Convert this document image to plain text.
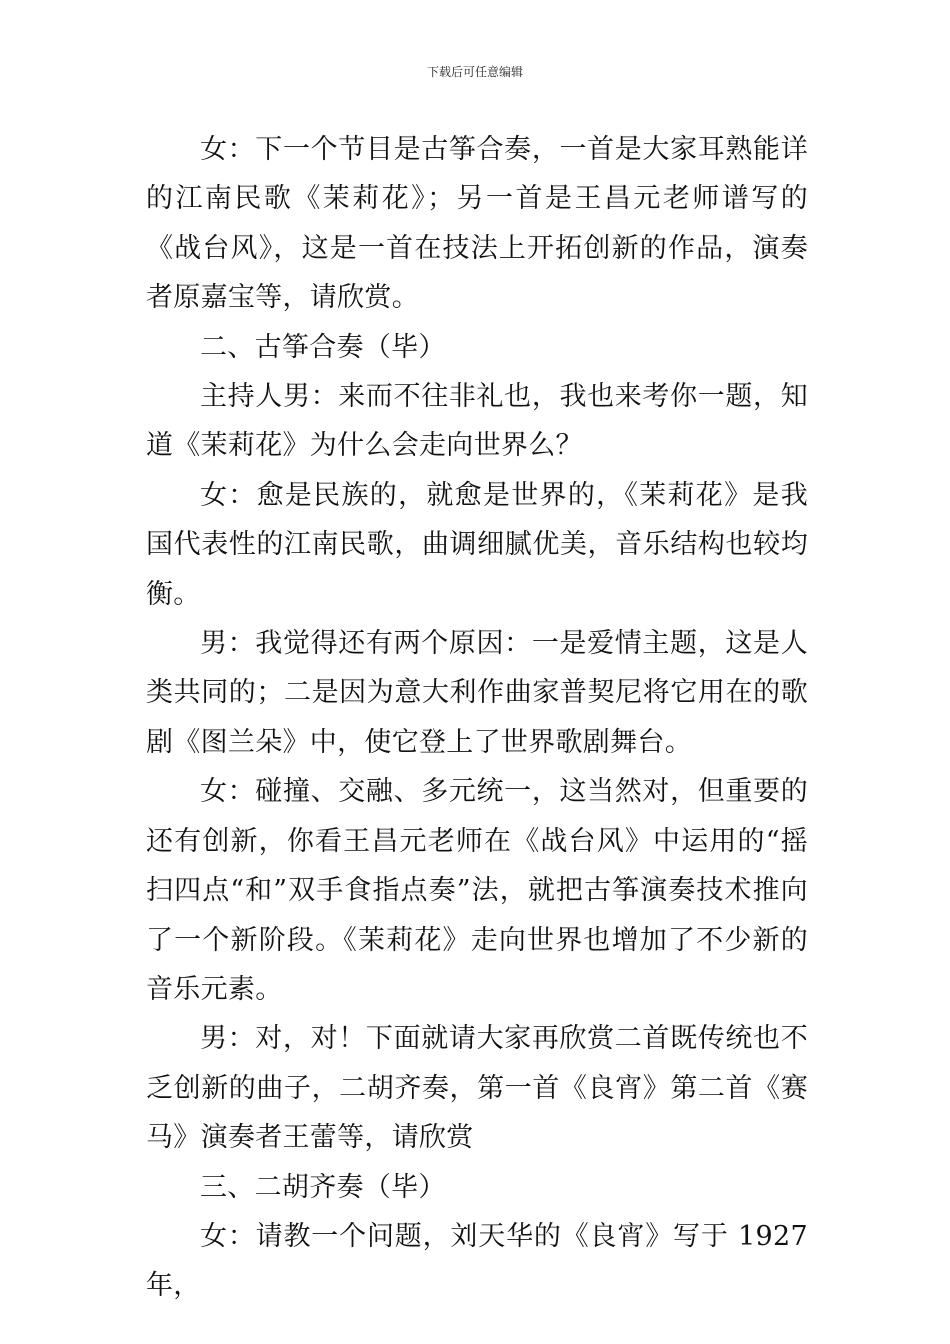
下载后可任意编辑

女：下一个节目是古筝合奏，一首是大家耳熟能详的江南民歌《茉莉花》；另一首是王昌元老师谱写的《战台风》，这是一首在技法上开拓创新的作品，演奏者原嘉宝等，请欣赏。

二、古筝合奏（毕）

主持人男：来而不往非礼也，我也来考你一题，知道《茉莉花》为什么会走向世界么？

女：愈是民族的，就愈是世界的，《茉莉花》是我国代表性的江南民歌，曲调细腻优美，音乐结构也较均衡。

男：我觉得还有两个原因：一是爱情主题，这是人类共同的；二是因为意大利作曲家普契尼将它用在的歌剧《图兰朵》中，使它登上了世界歌剧舞台。

女：碰撞、交融、多元统一，这当然对，但重要的还有创新，你看王昌元老师在《战台风》中运用的“摇扫四点“和”双手食指点奏”法，就把古筝演奏技术推向了一个新阶段。《茉莉花》走向世界也增加了不少新的音乐元素。

男：对，对！下面就请大家再欣赏二首既传统也不乏创新的曲子，二胡齐奏，第一首《良宵》第二首《赛马》演奏者王蕾等，请欣赏

三、二胡齐奏（毕）

女：请教一个问题，刘天华的《良宵》写于 1927 年，
